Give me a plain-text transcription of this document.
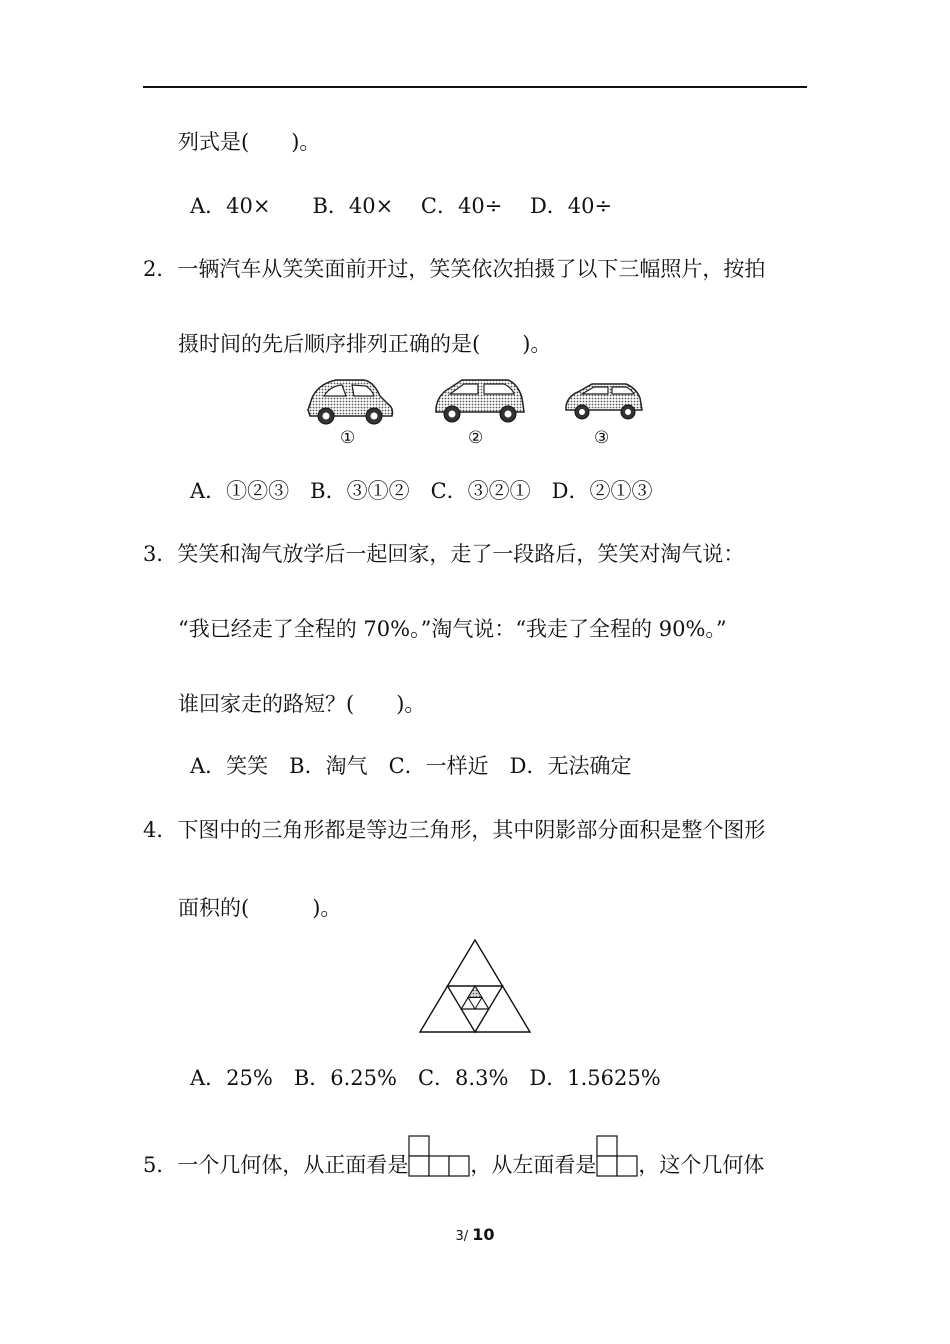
列式是(　　)。
A．40×　　B．40×　 C．40÷　 D．40÷
2．一辆汽车从笑笑面前开过，笑笑依次拍摄了以下三幅照片，按拍
摄时间的先后顺序排列正确的是(　　)。
①	②	③
A．①②③　B．③①②　C．③②①　D．②①③
3．笑笑和淘气放学后一起回家，走了一段路后，笑笑对淘气说：
“我已经走了全程的 70%。”淘气说：“我走了全程的 90%。”
谁回家走的路短？(　　)。
A．笑笑　B．淘气　C．一样近　D．无法确定
4．下图中的三角形都是等边三角形，其中阴影部分面积是整个图形
面积的(　　　)。
A．25%　B．6.25%　C．8.3%　D．1.5625%
5．一个几何体，从正面看是	，从左面看是 ，这个几何体
3/ 10
